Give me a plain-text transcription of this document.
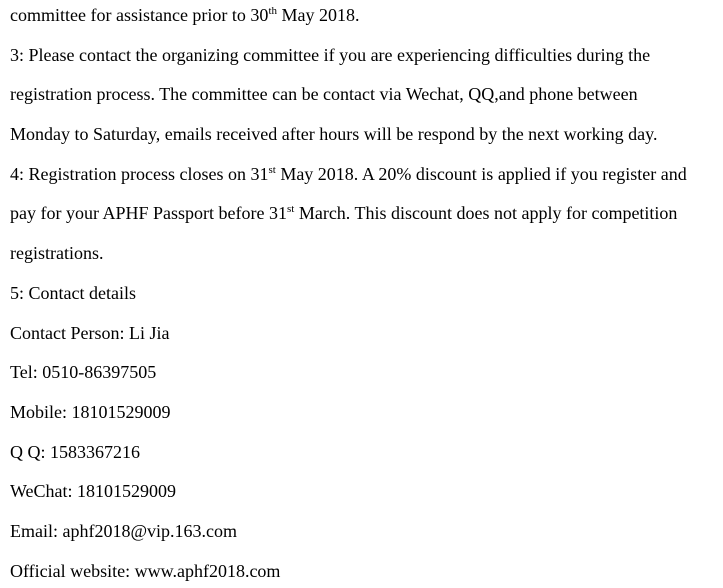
committee for assistance prior to 30th May 2018.
3: Please contact the organizing committee if you are experiencing difficulties during the
registration process. The committee can be contact via Wechat, QQ,and phone between
Monday to Saturday, emails received after hours will be respond by the next working day.
4: Registration process closes on 31st May 2018. A 20% discount is applied if you register and
pay for your APHF Passport before 31st March. This discount does not apply for competition
registrations.
5: Contact details
Contact Person: Li Jia
Tel: 0510-86397505
Mobile: 18101529009
Q Q: 1583367216
WeChat: 18101529009
Email: aphf2018@vip.163.com
Official website: www.aphf2018.com
